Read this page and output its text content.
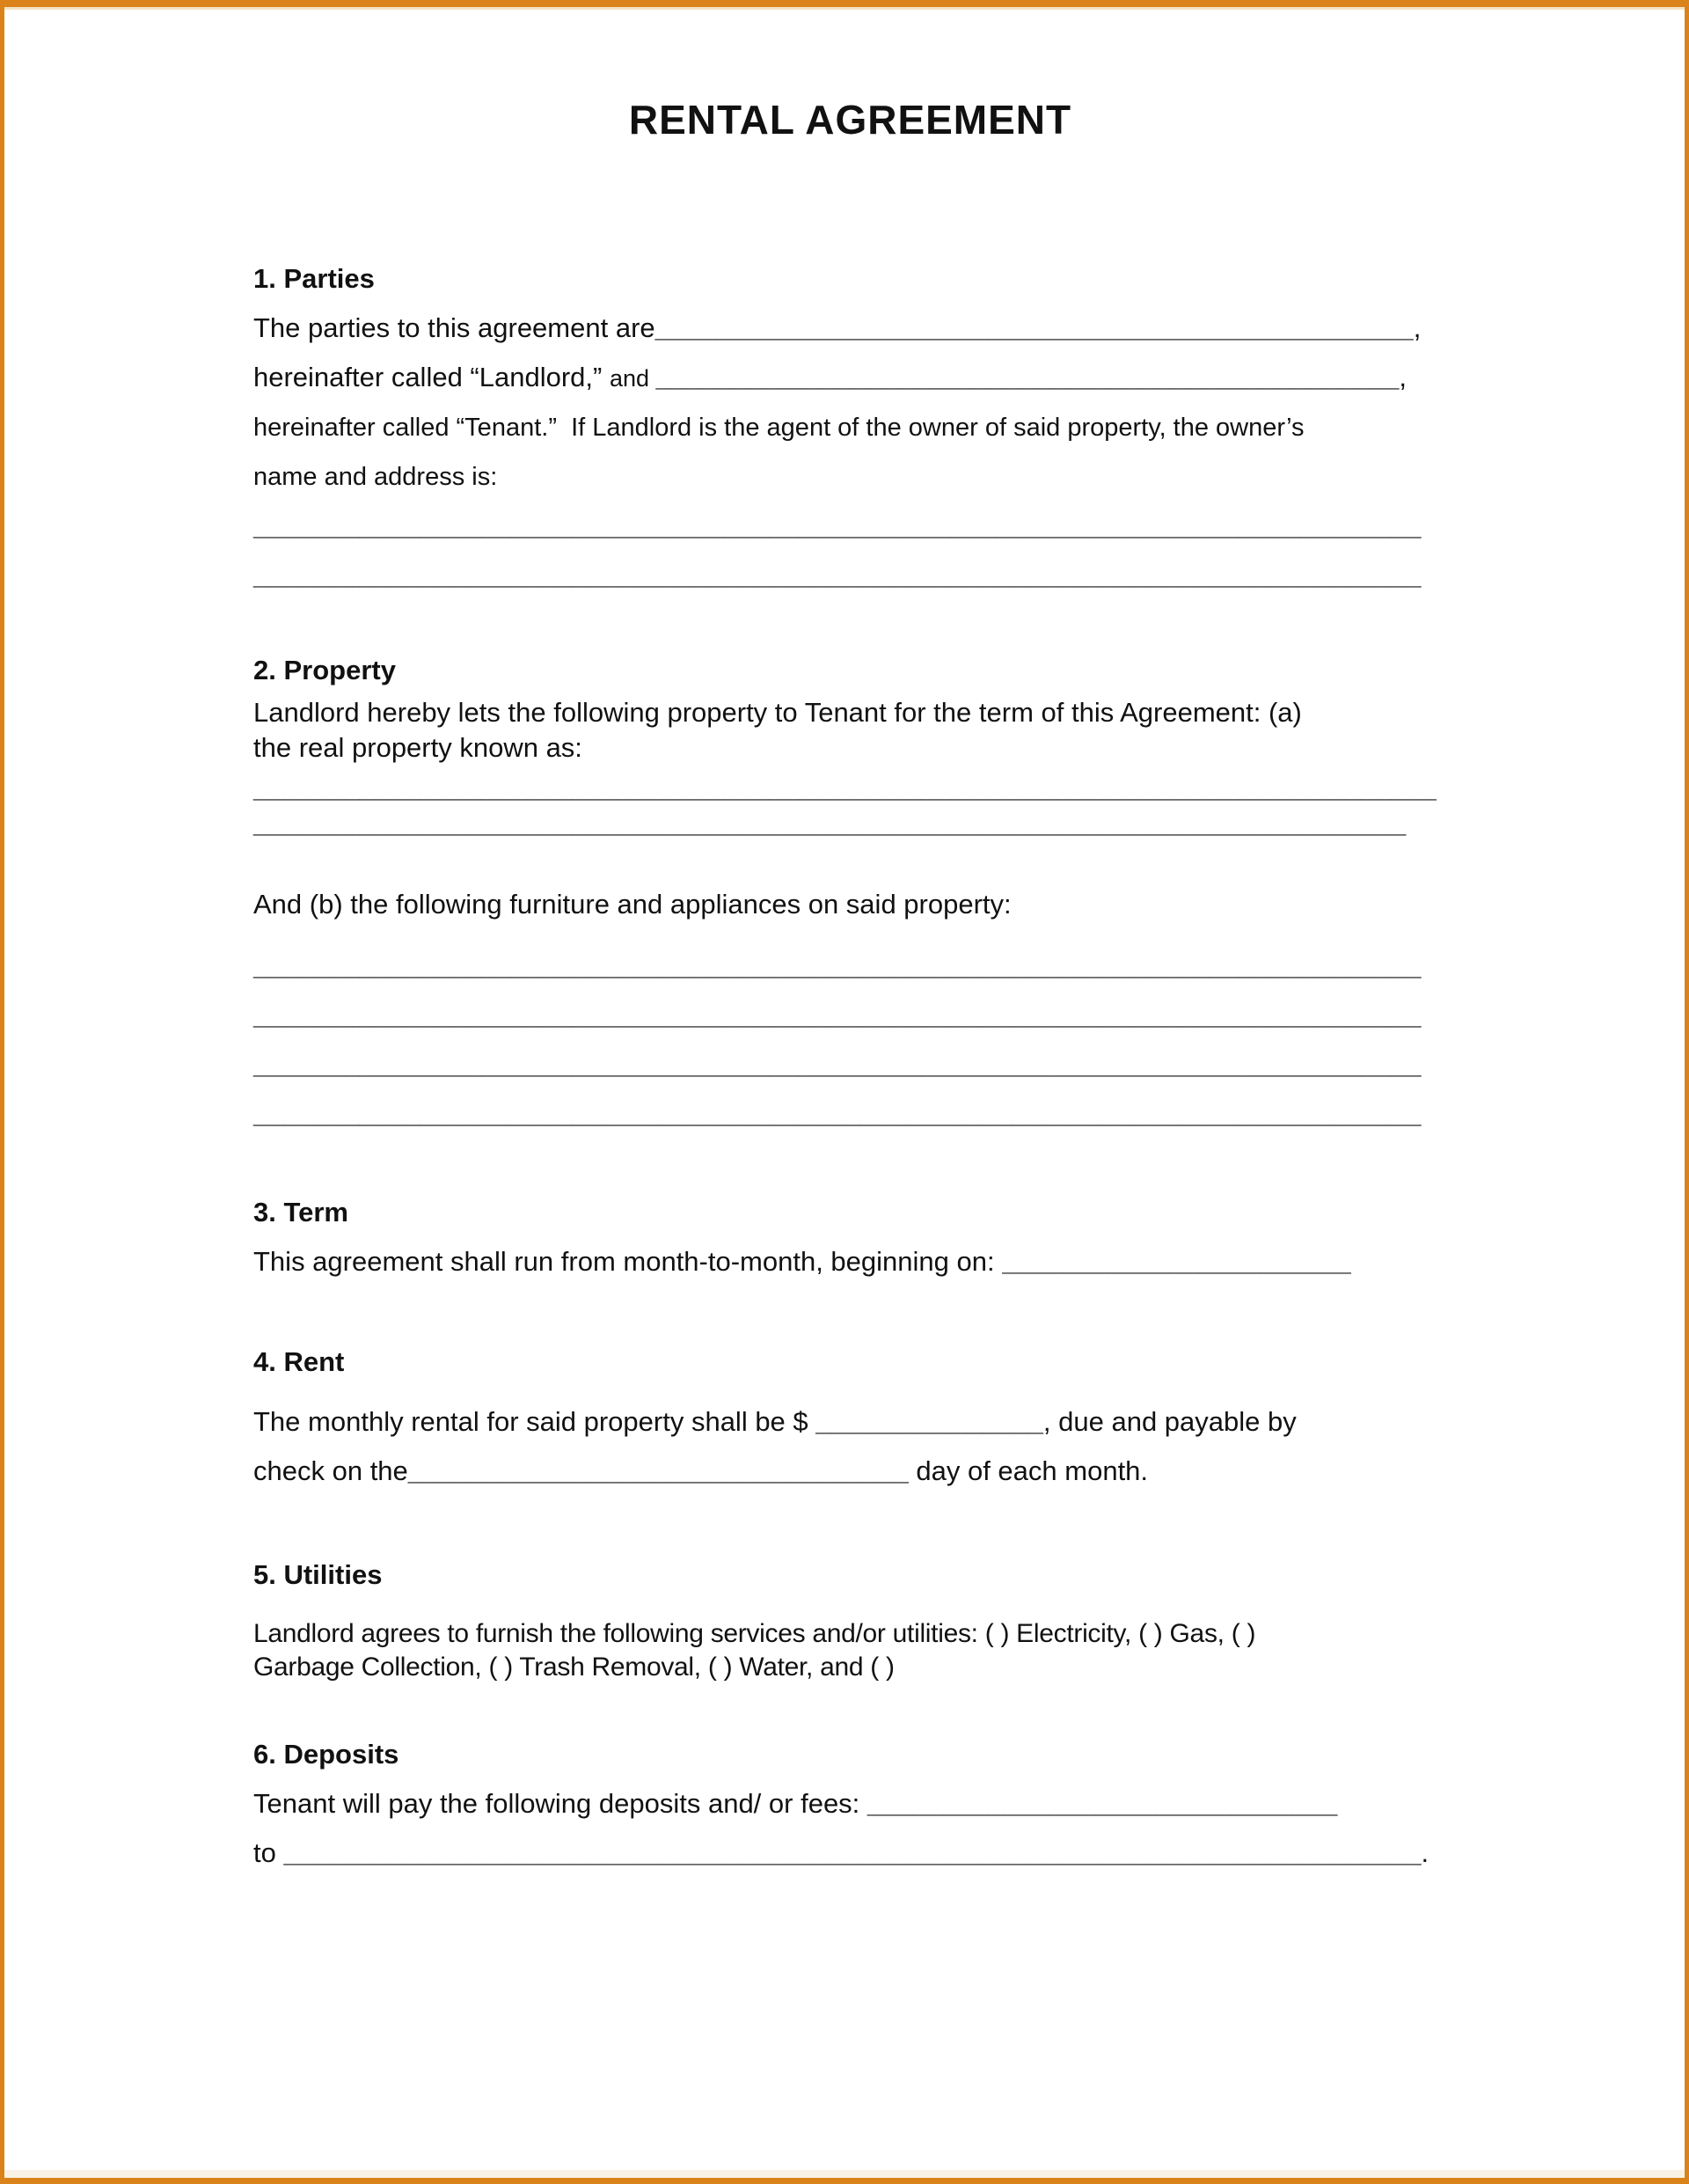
RENTAL AGREEMENT
1. Parties
The parties to this agreement are__________________________________________________,
hereinafter called “Landlord,” and _________________________________________________,
hereinafter called “Tenant.”  If Landlord is the agent of the owner of said property, the owner’s
name and address is:
_____________________________________________________________________________
_____________________________________________________________________________
2. Property
Landlord hereby lets the following property to Tenant for the term of this Agreement: (a)
the real property known as:
______________________________________________________________________________
____________________________________________________________________________
And (b) the following furniture and appliances on said property:
_____________________________________________________________________________
_____________________________________________________________________________
_____________________________________________________________________________
_____________________________________________________________________________
3. Term
This agreement shall run from month-to-month, beginning on: _______________________
4. Rent
The monthly rental for said property shall be $ _______________, due and payable by
check on the_________________________________ day of each month.
5. Utilities
Landlord agrees to furnish the following services and/or utilities: ( ) Electricity, ( ) Gas, ( )
Garbage Collection, ( ) Trash Removal, ( ) Water, and ( )
6. Deposits
Tenant will pay the following deposits and/ or fees: _______________________________
to ___________________________________________________________________________.
